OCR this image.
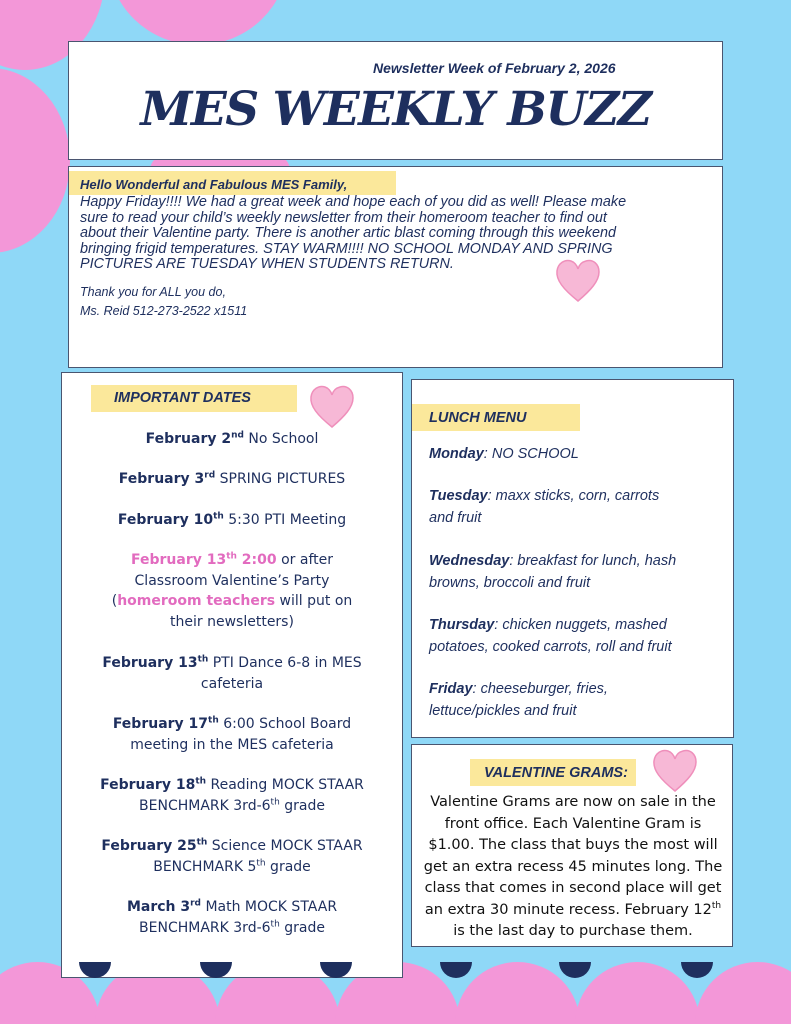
Newsletter Week of February 2, 2026
MES WEEKLY BUZZ
Hello Wonderful and Fabulous MES Family,
Happy Friday!!!! We had a great week and hope each of you did as well! Please make
sure to read your child’s weekly newsletter from their homeroom teacher to find out
about their Valentine party. There is another artic blast coming through this weekend
bringing frigid temperatures. STAY WARM!!!! NO SCHOOL MONDAY AND SPRING
PICTURES ARE TUESDAY WHEN STUDENTS RETURN.
Thank you for ALL you do,
Ms. Reid 512-273-2522 x1511
IMPORTANT DATES
February 2nd No School
February 3rd SPRING PICTURES
February 10th 5:30 PTI Meeting
February 13th 2:00 or after
Classroom Valentine’s Party
(homeroom teachers will put on
their newsletters)
February 13th PTI Dance 6-8 in MES
cafeteria
February 17th 6:00 School Board
meeting in the MES cafeteria
February 18th Reading MOCK STAAR
BENCHMARK 3rd-6th grade
February 25th Science MOCK STAAR
BENCHMARK 5th grade
March 3rd Math MOCK STAAR
BENCHMARK 3rd-6th grade
LUNCH MENU
Monday: NO SCHOOL
Tuesday: maxx sticks, corn, carrots
and fruit
Wednesday: breakfast for lunch, hash
browns, broccoli and fruit
Thursday: chicken nuggets, mashed
potatoes, cooked carrots, roll and fruit
Friday: cheeseburger, fries,
lettuce/pickles and fruit
VALENTINE GRAMS:
Valentine Grams are now on sale in the
front office. Each Valentine Gram is
$1.00. The class that buys the most will
get an extra recess 45 minutes long. The
class that comes in second place will get
an extra 30 minute recess. February 12th
is the last day to purchase them.
